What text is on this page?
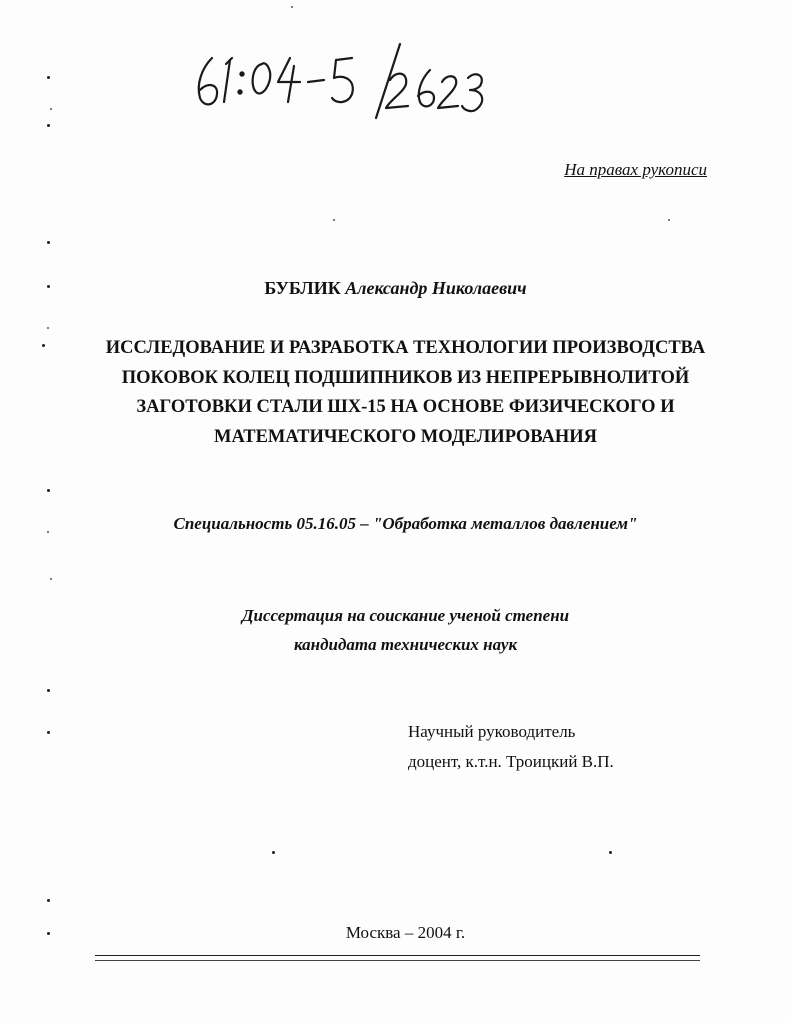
На правах рукописи
БУБЛИК Александр Николаевич
ИССЛЕДОВАНИЕ И РАЗРАБОТКА ТЕХНОЛОГИИ ПРОИЗВОДСТВА
ПОКОВОК КОЛЕЦ ПОДШИПНИКОВ ИЗ НЕПРЕРЫВНОЛИТОЙ
ЗАГОТОВКИ СТАЛИ ШХ-15 НА ОСНОВЕ ФИЗИЧЕСКОГО И
МАТЕМАТИЧЕСКОГО МОДЕЛИРОВАНИЯ
Специальность 05.16.05 – "Обработка металлов давлением"
Диссертация на соискание ученой степени
кандидата технических наук
Научный руководитель
доцент, к.т.н. Троицкий В.П.
Москва – 2004 г.
